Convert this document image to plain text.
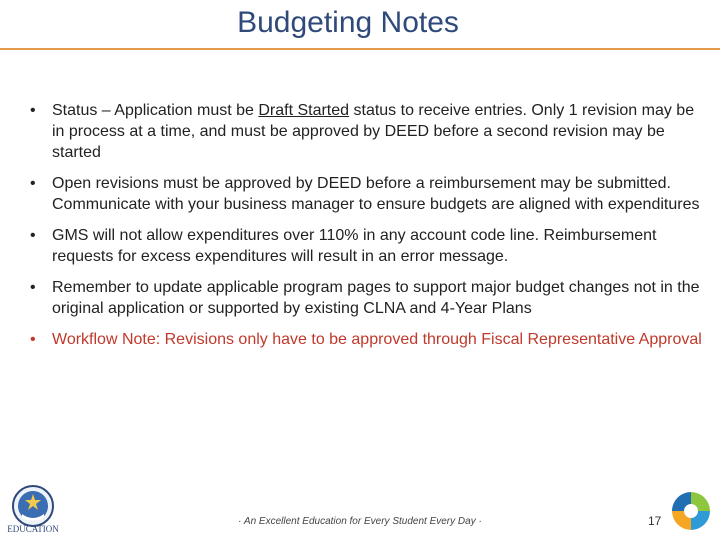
Budgeting Notes
• Status – Application must be Draft Started status to receive entries. Only 1 revision may be in process at a time, and must be approved by DEED before a second revision may be started
• Open revisions must be approved by DEED before a reimbursement may be submitted. Communicate with your business manager to ensure budgets are aligned with expenditures
• GMS will not allow expenditures over 110% in any account code line. Reimbursement requests for excess expenditures will result in an error message.
• Remember to update applicable program pages to support major budget changes not in the original application or supported by existing CLNA and 4-Year Plans
• Workflow Note: Revisions only have to be approved through Fiscal Representative Approval
EDUCATION
· An Excellent Education for Every Student Every Day ·	17
